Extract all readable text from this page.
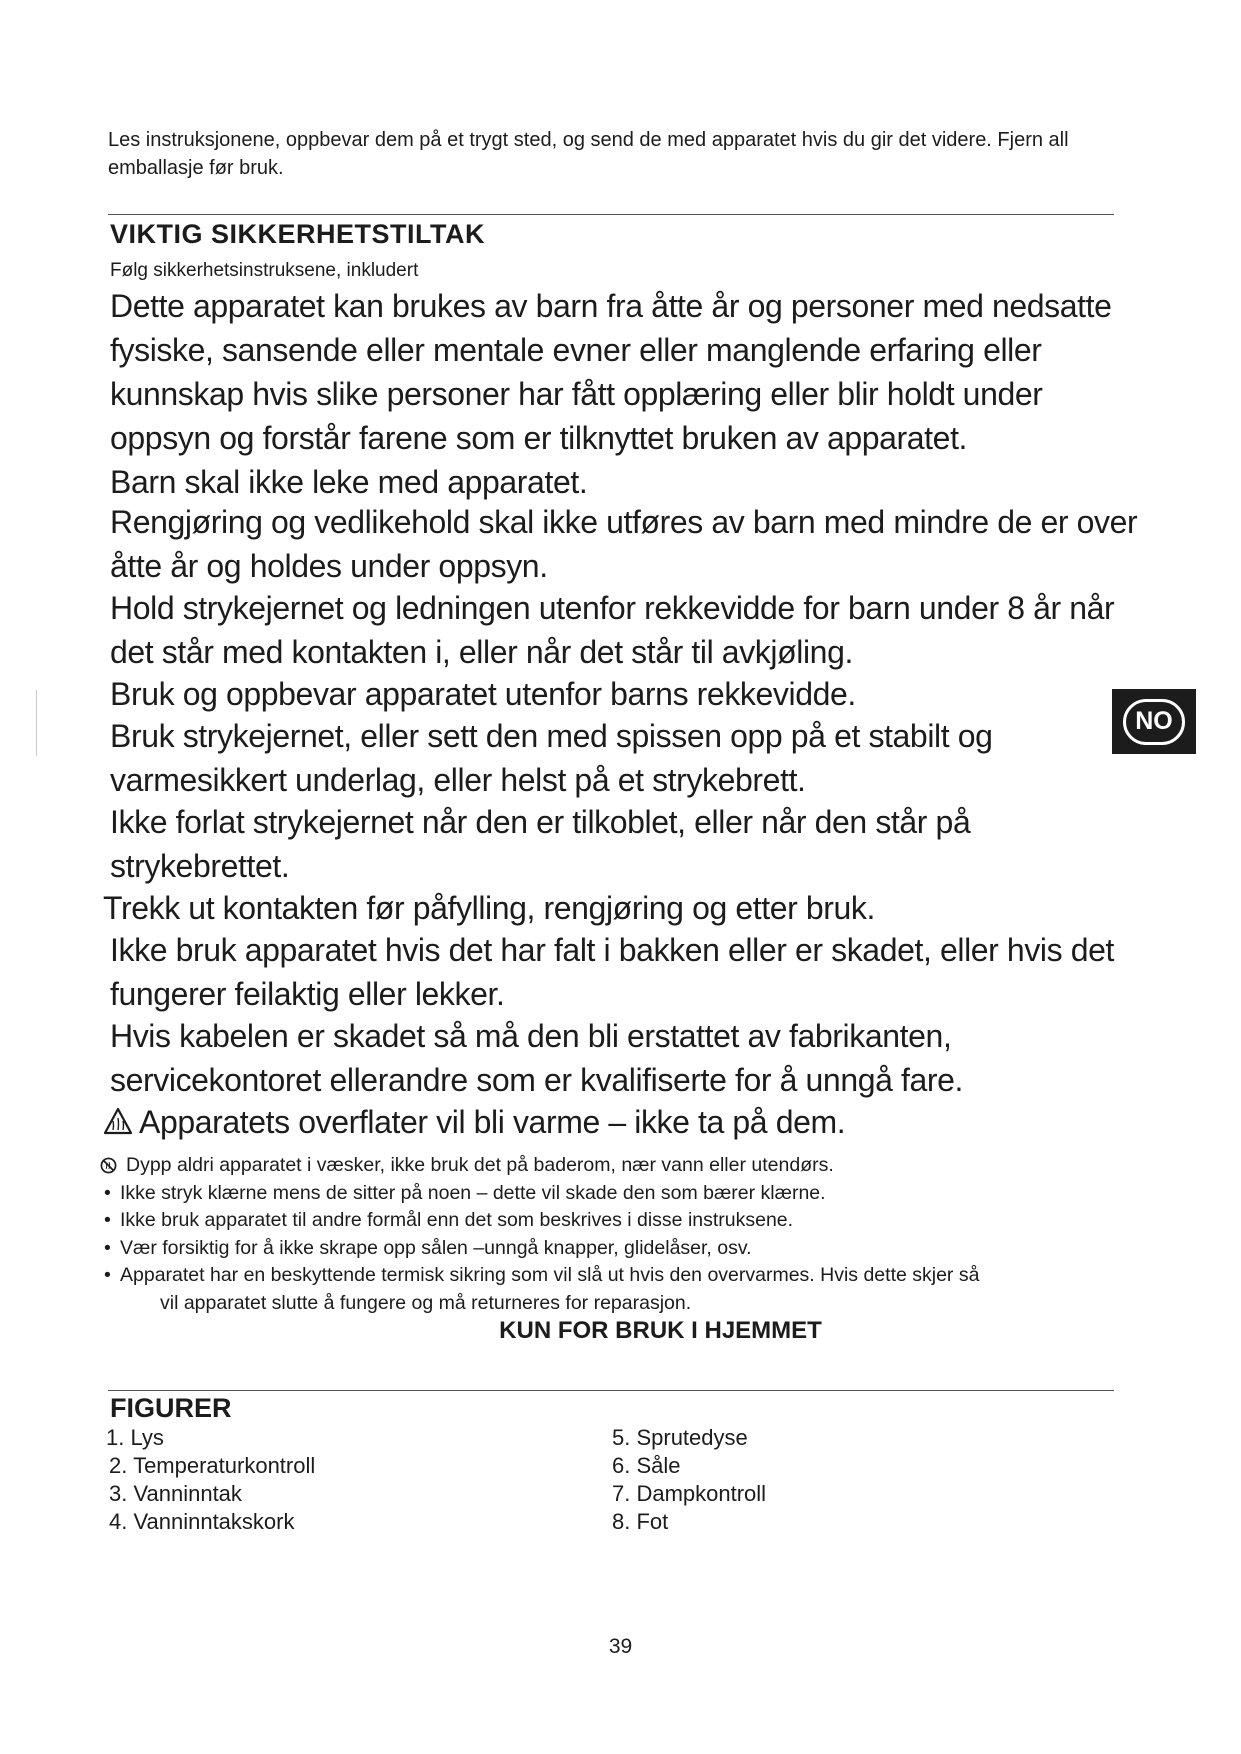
Les instruksjonene, oppbevar dem på et trygt sted, og send de med apparatet hvis du gir det videre. Fjern all emballasje før bruk.

VIKTIG SIKKERHETSTILTAK
Følg sikkerhetsinstruksene, inkludert

Dette apparatet kan brukes av barn fra åtte år og personer med nedsatte fysiske, sansende eller mentale evner eller manglende erfaring eller kunnskap hvis slike personer har fått opplæring eller blir holdt under oppsyn og forstår farene som er tilknyttet bruken av apparatet.

Barn skal ikke leke med apparatet.

Rengjøring og vedlikehold skal ikke utføres av barn med mindre de er over åtte år og holdes under oppsyn.

Hold strykejernet og ledningen utenfor rekkevidde for barn under 8 år når det står med kontakten i, eller når det står til avkjøling.

Bruk og oppbevar apparatet utenfor barns rekkevidde.

Bruk strykejernet, eller sett den med spissen opp på et stabilt og varmesikkert underlag, eller helst på et strykebrett.

Ikke forlat strykejernet når den er tilkoblet, eller når den står på strykebrettet.

Trekk ut kontakten før påfylling, rengjøring og etter bruk.

Ikke bruk apparatet hvis det har falt i bakken eller er skadet, eller hvis det fungerer feilaktig eller lekker.

Hvis kabelen er skadet så må den bli erstattet av fabrikanten, servicekontoret ellerandre som er kvalifiserte for å unngå fare.

Apparatets overflater vil bli varme – ikke ta på dem.

Dypp aldri apparatet i væsker, ikke bruk det på baderom, nær vann eller utendørs.
• Ikke stryk klærne mens de sitter på noen – dette vil skade den som bærer klærne.
• Ikke bruk apparatet til andre formål enn det som beskrives i disse instruksene.
• Vær forsiktig for å ikke skrape opp sålen –unngå knapper, glidelåser, osv.
• Apparatet har en beskyttende termisk sikring som vil slå ut hvis den overvarmes. Hvis dette skjer så
vil apparatet slutte å fungere og må returneres for reparasjon.
KUN FOR BRUK I HJEMMET
FIGURER
1. Lys
2. Temperaturkontroll
3. Vanninntak
4. Vanninntakskork
5. Sprutedyse
6. Såle
7. Dampkontroll
8. Fot
NO
39
